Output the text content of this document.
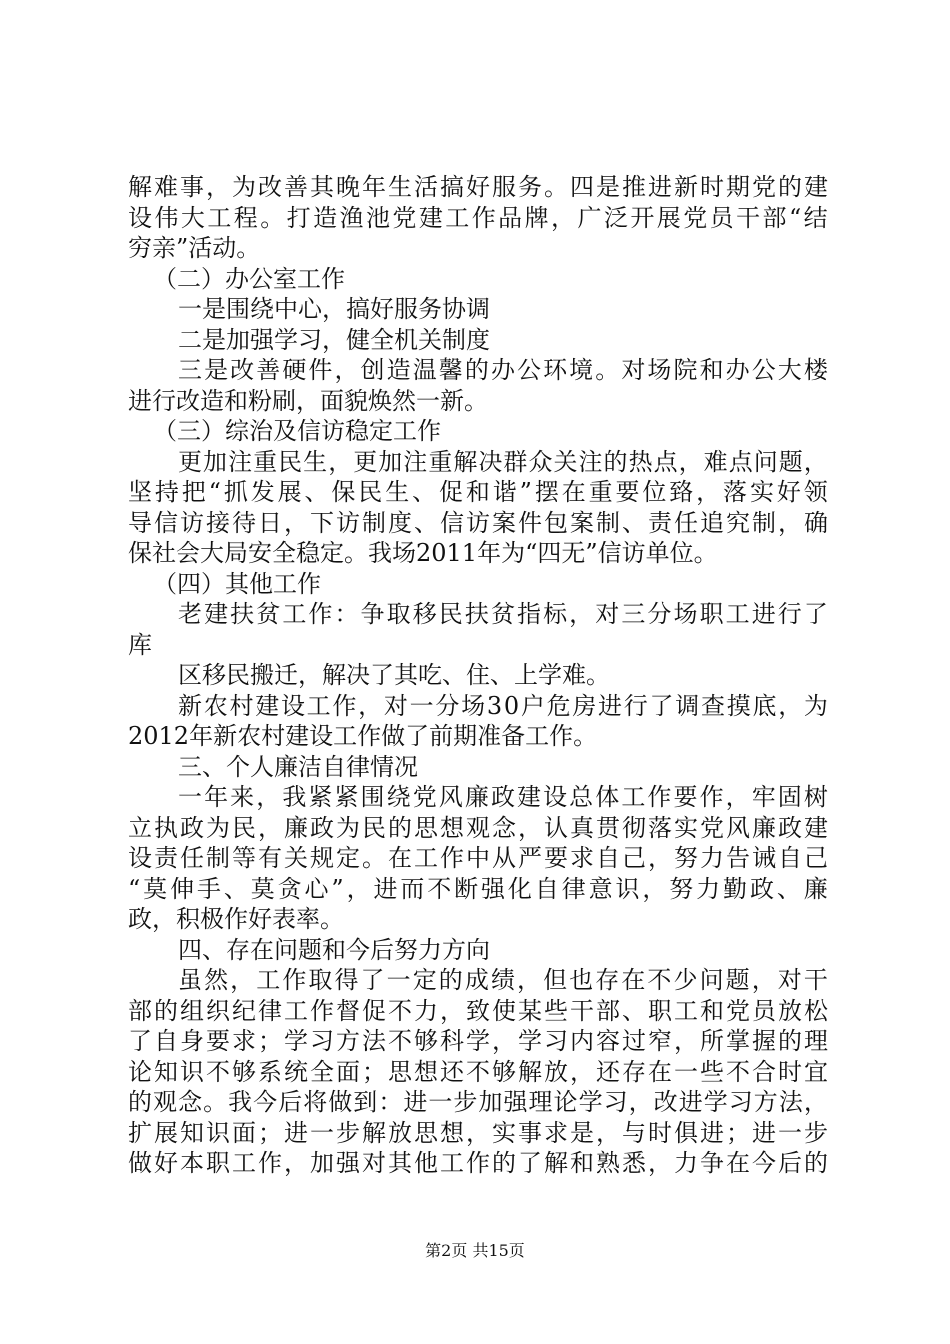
解 难 事 ， 为 改 善 其 晚 年 生 活 搞 好 服 务 。 四 是 推 进 新 时 期 党 的 建
设 伟 大 工 程 。 打 造 渔 池 党 建 工 作 品 牌 ， 广 泛 开 展 党 员 干 部 “ 结
穷亲”活动。
（二）办公室工作
一是围绕中心，搞好服务协调
二是加强学习，健全机关制度
三 是 改 善 硬 件 ， 创 造 温 馨 的 办 公 环 境 。 对 场 院 和 办 公 大 楼
进行改造和粉刷，面貌焕然一新。
（三）综治及信访稳定工作
更 加 注 重 民 生 ， 更 加 注 重 解 决 群 众 关 注 的 热 点 ， 难 点 问 题 ，
坚 持 把 “ 抓 发 展 、 保 民 生 、 促 和 谐 ” 摆 在 重 要 位 臵 ， 落 实 好 领
导 信 访 接 待 日 ， 下 访 制 度 、 信 访 案 件 包 案 制 、 责 任 追 究 制 ， 确
保社会大局安全稳定。我场2011年为“四无”信访单位。
（四）其他工作
老 建 扶 贫 工 作 ： 争 取 移 民 扶 贫 指 标 ， 对 三 分 场 职 工 进 行 了
库
区移民搬迁，解决了其吃、住、上学难。
新 农 村 建 设 工 作 ， 对 一 分 场 3 0 户 危 房 进 行 了 调 查 摸 底 ， 为
2012年新农村建设工作做了前期准备工作。
三、个人廉洁自律情况
一 年 来 ， 我 紧 紧 围 绕 党 风 廉 政 建 设 总 体 工 作 要 作 ， 牢 固 树
立 执 政 为 民 ， 廉 政 为 民 的 思 想 观 念 ， 认 真 贯 彻 落 实 党 风 廉 政 建
设 责 任 制 等 有 关 规 定 。 在 工 作 中 从 严 要 求 自 己 ， 努 力 告 诫 自 己
“ 莫 伸 手 、 莫 贪 心 ” ， 进 而 不 断 强 化 自 律 意 识 ， 努 力 勤 政 、 廉
政，积极作好表率。
四、存在问题和今后努力方向
虽 然 ， 工 作 取 得 了 一 定 的 成 绩 ， 但 也 存 在 不 少 问 题 ， 对 干
部 的 组 织 纪 律 工 作 督 促 不 力 ， 致 使 某 些 干 部 、 职 工 和 党 员 放 松
了 自 身 要 求 ； 学 习 方 法 不 够 科 学 ， 学 习 内 容 过 窄 ， 所 掌 握 的 理
论 知 识 不 够 系 统 全 面 ； 思 想 还 不 够 解 放 ， 还 存 在 一 些 不 合 时 宜
的 观 念 。 我 今 后 将 做 到 ： 进 一 步 加 强 理 论 学 习 ， 改 进 学 习 方 法 ，
扩 展 知 识 面 ； 进 一 步 解 放 思 想 ， 实 事 求 是 ， 与 时 俱 进 ； 进 一 步
做 好 本 职 工 作 ， 加 强 对 其 他 工 作 的 了 解 和 熟 悉 ， 力 争 在 今 后 的
第2页 共15页
